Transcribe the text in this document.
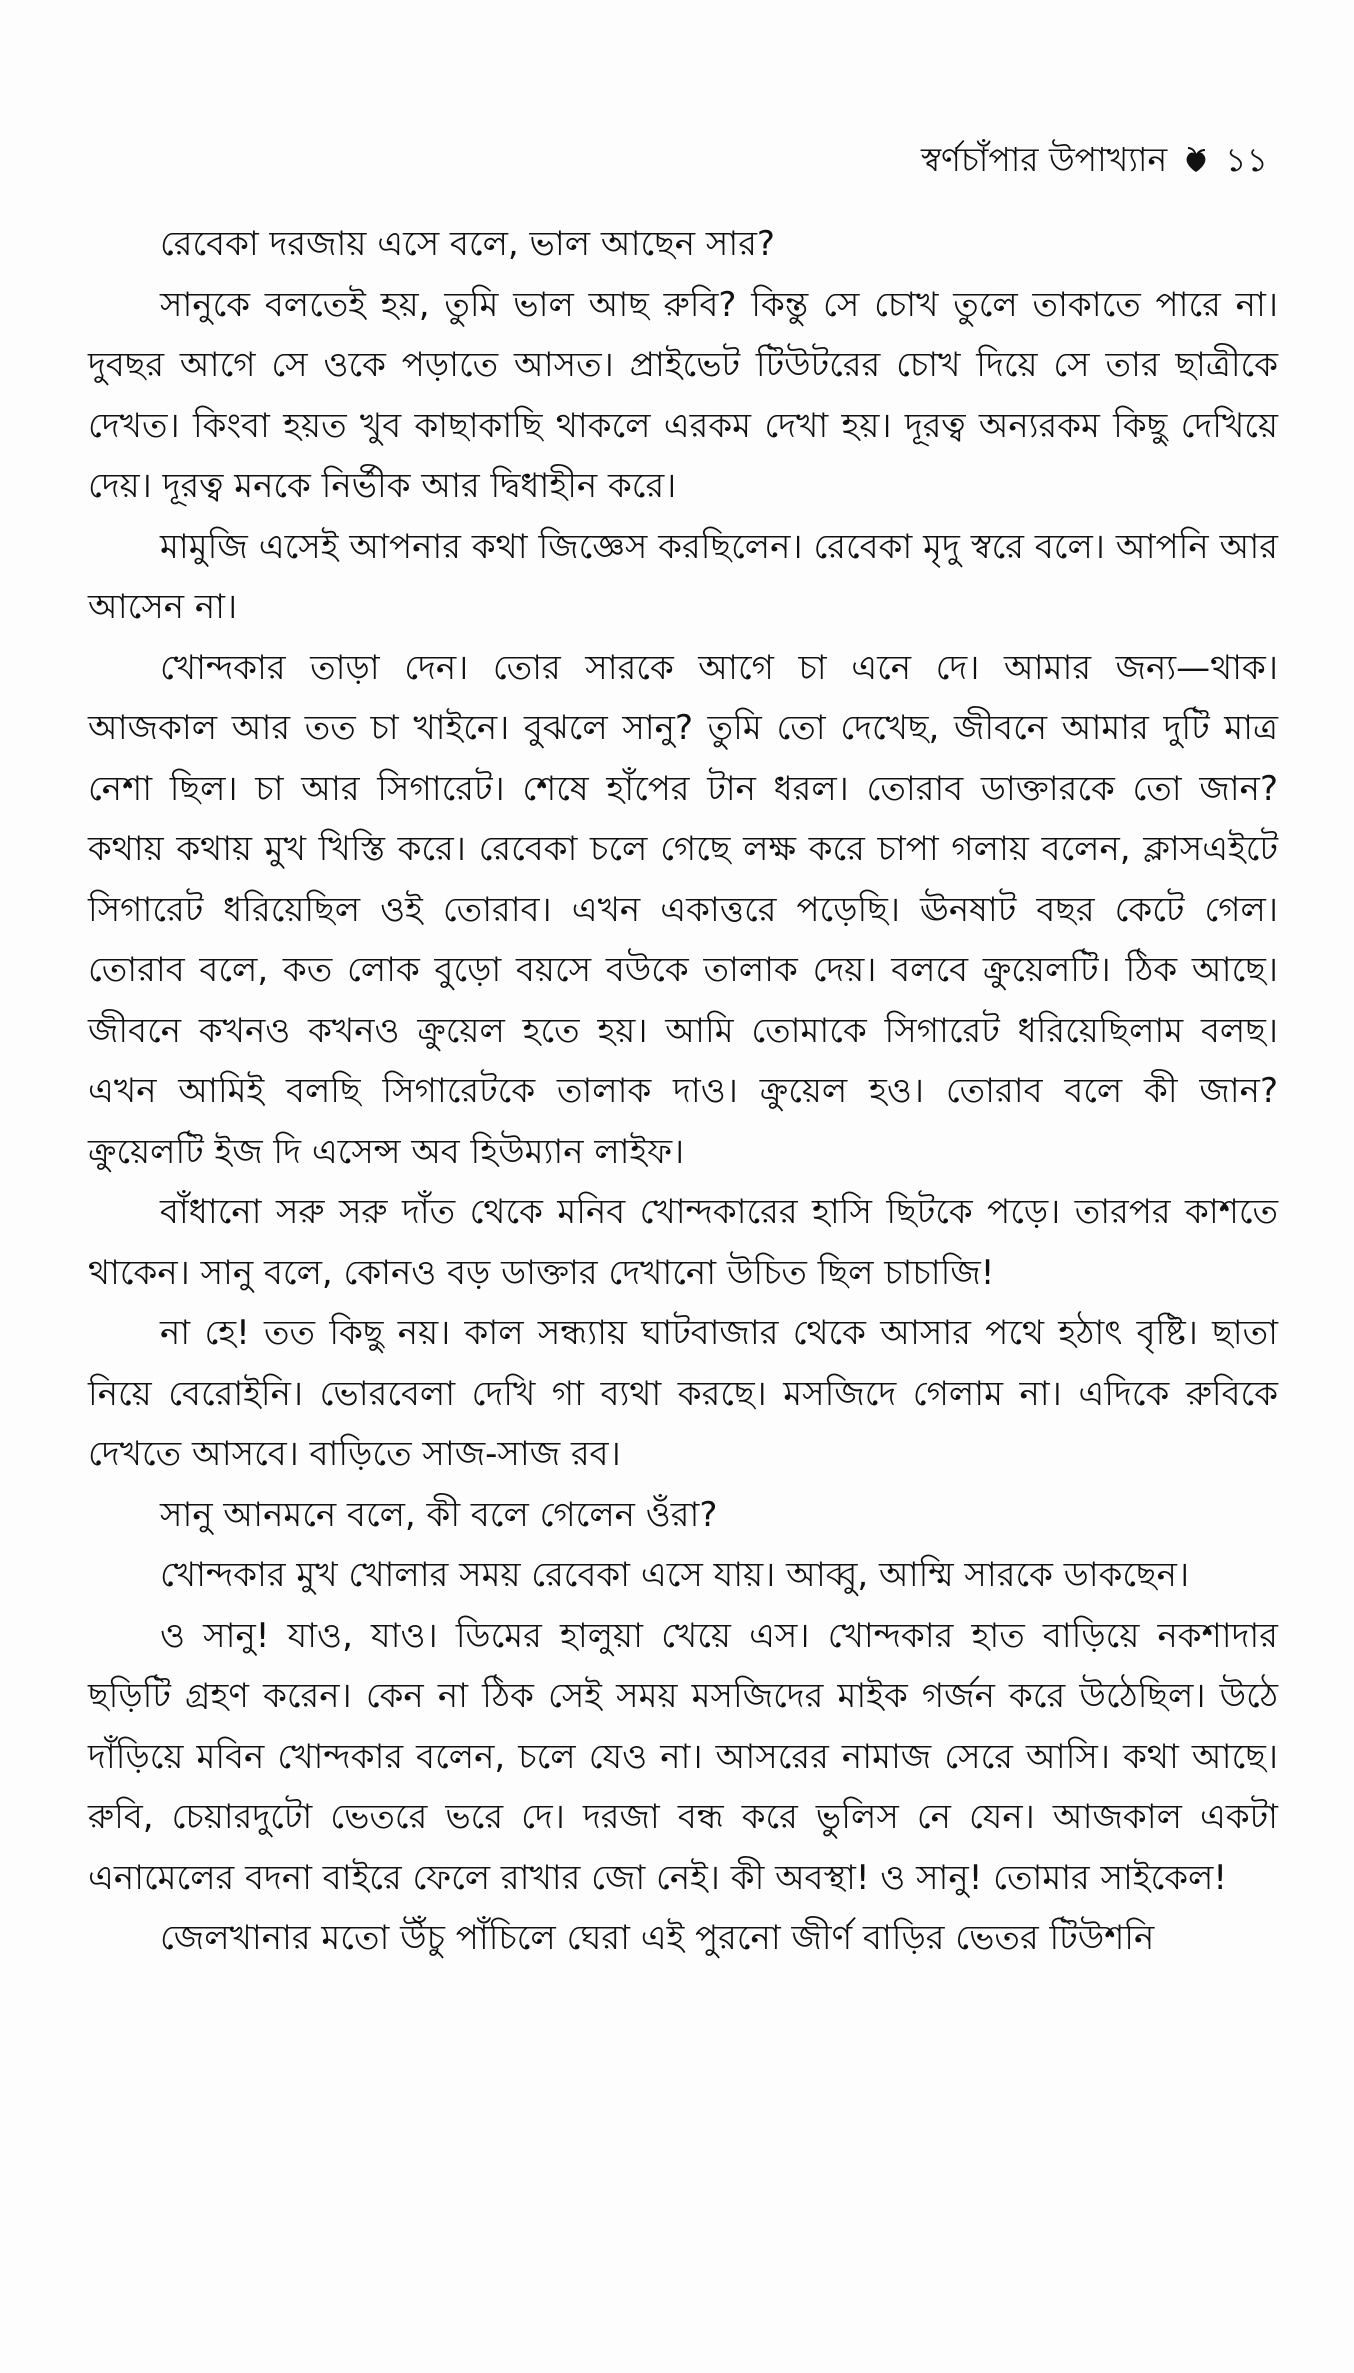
স্বর্ণচাঁপার উপাখ্যান ১১

রেবেকা দরজায় এসে বলে, ভাল আছেন সার?

সানুকে বলতেই হয়, তুমি ভাল আছ রুবি? কিন্তু সে চোখ তুলে তাকাতে পারে না। দুবছর আগে সে ওকে পড়াতে আসত। প্রাইভেট টিউটরের চোখ দিয়ে সে তার ছাত্রীকে দেখত। কিংবা হয়ত খুব কাছাকাছি থাকলে এরকম দেখা হয়। দূরত্ব অন্যরকম কিছু দেখিয়ে দেয়। দূরত্ব মনকে নির্ভীক আর দ্বিধাহীন করে।

মামুজি এসেই আপনার কথা জিজ্ঞেস করছিলেন। রেবেকা মৃদু স্বরে বলে। আপনি আর আসেন না।

খোন্দকার তাড়া দেন। তোর সারকে আগে চা এনে দে। আমার জন্য—থাক। আজকাল আর তত চা খাইনে। বুঝলে সানু? তুমি তো দেখেছ, জীবনে আমার দুটি মাত্র নেশা ছিল। চা আর সিগারেট। শেষে হাঁপের টান ধরল। তোরাব ডাক্তারকে তো জান? কথায় কথায় মুখ খিস্তি করে। রেবেকা চলে গেছে লক্ষ করে চাপা গলায় বলেন, ক্লাসএইটে সিগারেট ধরিয়েছিল ওই তোরাব। এখন একাত্তরে পড়েছি। ঊনষাট বছর কেটে গেল। তোরাব বলে, কত লোক বুড়ো বয়সে বউকে তালাক দেয়। বলবে ক্রুয়েলটি। ঠিক আছে। জীবনে কখনও কখনও ক্রুয়েল হতে হয়। আমি তোমাকে সিগারেট ধরিয়েছিলাম বলছ। এখন আমিই বলছি সিগারেটকে তালাক দাও। ক্রুয়েল হও। তোরাব বলে কী জান? ক্রুয়েলটি ইজ দি এসেন্স অব হিউম্যান লাইফ।

বাঁধানো সরু সরু দাঁত থেকে মনিব খোন্দকারের হাসি ছিটকে পড়ে। তারপর কাশতে থাকেন। সানু বলে, কোনও বড় ডাক্তার দেখানো উচিত ছিল চাচাজি!

না হে! তত কিছু নয়। কাল সন্ধ্যায় ঘাটবাজার থেকে আসার পথে হঠাৎ বৃষ্টি। ছাতা নিয়ে বেরোইনি। ভোরবেলা দেখি গা ব্যথা করছে। মসজিদে গেলাম না। এদিকে রুবিকে দেখতে আসবে। বাড়িতে সাজ-সাজ রব।

সানু আনমনে বলে, কী বলে গেলেন ওঁরা?

খোন্দকার মুখ খোলার সময় রেবেকা এসে যায়। আব্বু, আম্মি সারকে ডাকছেন।

ও সানু! যাও, যাও। ডিমের হালুয়া খেয়ে এস। খোন্দকার হাত বাড়িয়ে নকশাদার ছড়িটি গ্রহণ করেন। কেন না ঠিক সেই সময় মসজিদের মাইক গর্জন করে উঠেছিল। উঠে দাঁড়িয়ে মবিন খোন্দকার বলেন, চলে যেও না। আসরের নামাজ সেরে আসি। কথা আছে। রুবি, চেয়ারদুটো ভেতরে ভরে দে। দরজা বন্ধ করে ভুলিস নে যেন। আজকাল একটা এনামেলের বদনা বাইরে ফেলে রাখার জো নেই। কী অবস্থা! ও সানু! তোমার সাইকেল!

জেলখানার মতো উঁচু পাঁচিলে ঘেরা এই পুরনো জীর্ণ বাড়ির ভেতর টিউশনি
